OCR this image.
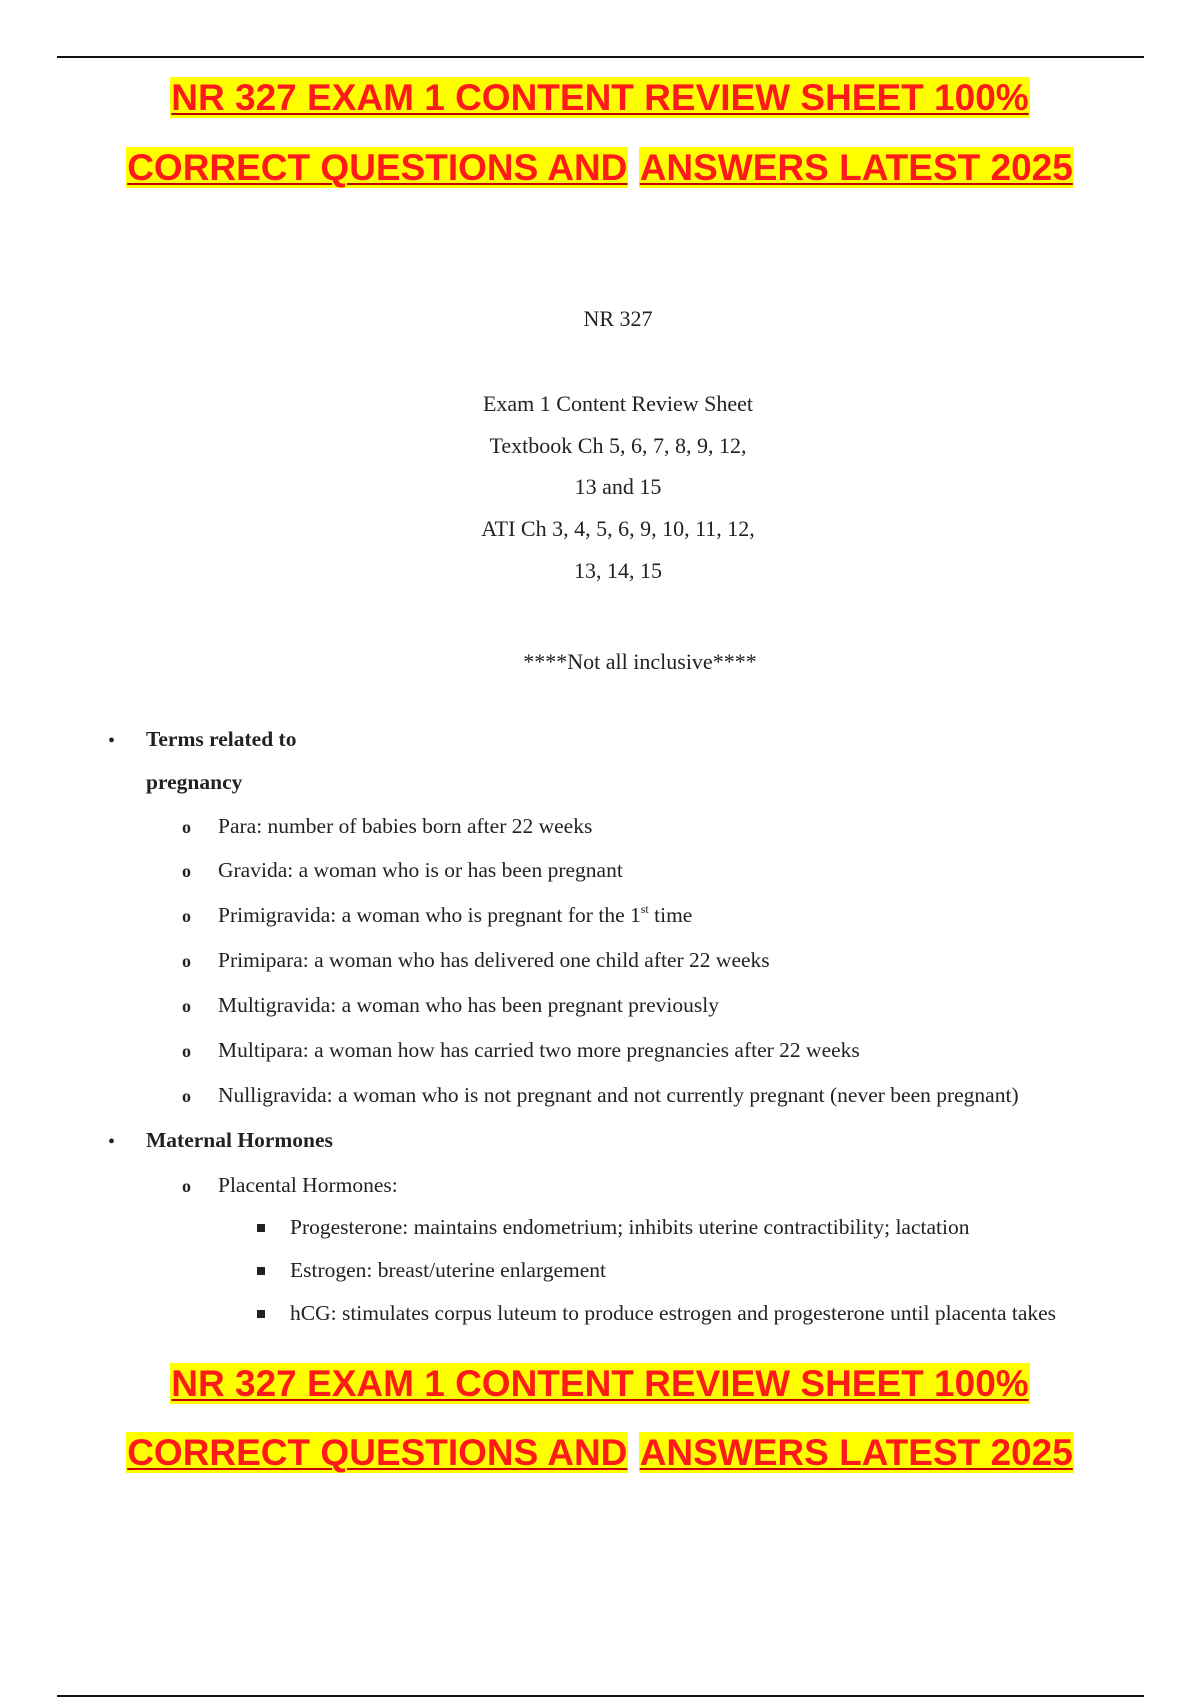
NR 327 EXAM 1 CONTENT REVIEW SHEET 100%
CORRECT QUESTIONS AND ANSWERS LATEST 2025
NR 327
Exam 1 Content Review Sheet
Textbook Ch 5, 6, 7, 8, 9, 12,
13 and 15
ATI Ch 3, 4, 5, 6, 9, 10, 11, 12,
13, 14, 15
****Not all inclusive****
• Terms related to
pregnancy
o Para: number of babies born after 22 weeks
o Gravida: a woman who is or has been pregnant
o Primigravida: a woman who is pregnant for the 1st time
o Primipara: a woman who has delivered one child after 22 weeks
o Multigravida: a woman who has been pregnant previously
o Multipara: a woman how has carried two more pregnancies after 22 weeks
o Nulligravida: a woman who is not pregnant and not currently pregnant (never been pregnant)
• Maternal Hormones
o Placental Hormones:
Progesterone: maintains endometrium; inhibits uterine contractibility; lactation
Estrogen: breast/uterine enlargement
hCG: stimulates corpus luteum to produce estrogen and progesterone until placenta takes
NR 327 EXAM 1 CONTENT REVIEW SHEET 100%
CORRECT QUESTIONS AND ANSWERS LATEST 2025
